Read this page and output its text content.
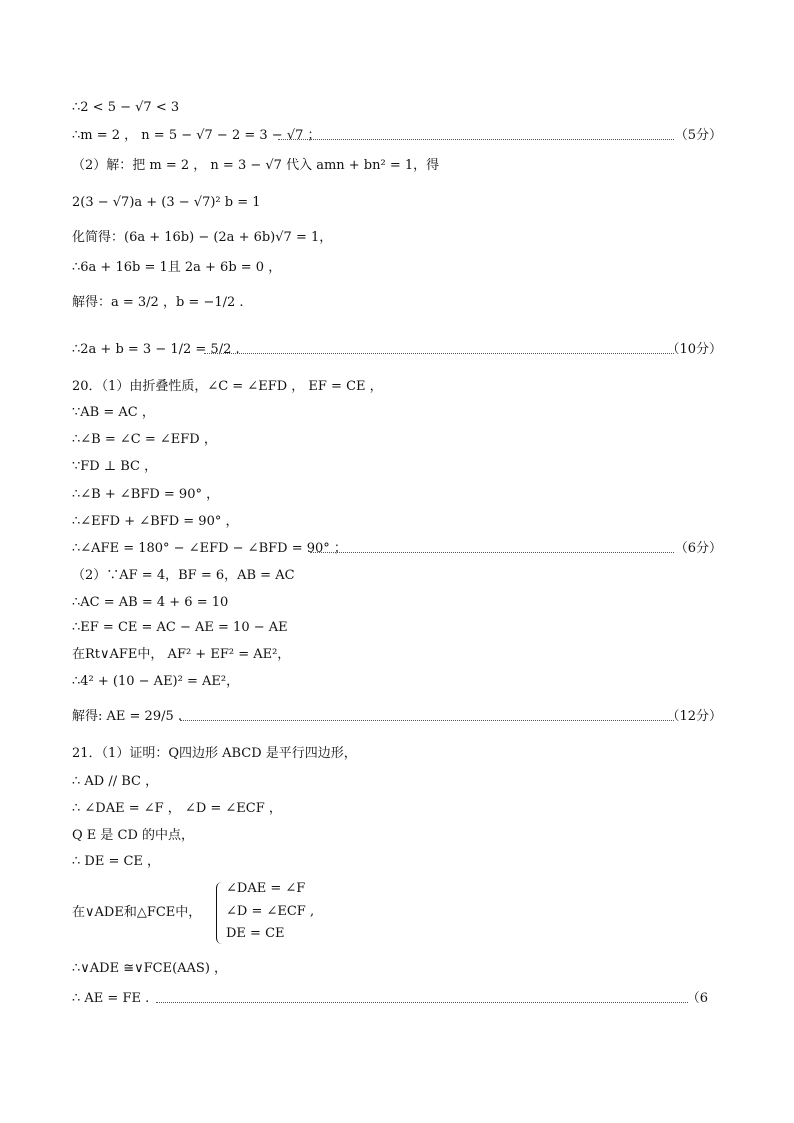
∴2 < 5 − √7 < 3
∴m = 2 ， n = 5 − √7 − 2 = 3 − √7 ；	（5分）
（2）解：把 m = 2 ， n = 3 − √7 代入 amn + bn² = 1，得
2(3 − √7)a + (3 − √7)² b = 1
化简得：(6a + 16b) − (2a + 6b)√7 = 1，
∴6a + 16b = 1且 2a + 6b = 0 ，
解得：a = 3/2 ，b = −1/2 .
∴2a + b = 3 − 1/2 = 5/2 .	（10分）
20．（1）由折叠性质，∠C = ∠EFD ， EF = CE ，
∵AB = AC ，
∴∠B = ∠C = ∠EFD ，
∵FD ⊥ BC ，
∴∠B + ∠BFD = 90° ，
∴∠EFD + ∠BFD = 90° ，
∴∠AFE = 180° − ∠EFD − ∠BFD = 90° ；	（6分）
（2）∵AF = 4，BF = 6，AB = AC
∴AC = AB = 4 + 6 = 10
∴EF = CE = AC − AE = 10 − AE
在Rt∨AFE中， AF² + EF² = AE²，
∴4² + (10 − AE)² = AE²，
解得: AE = 29/5 .	（12分）
21．（1）证明：Q四边形 ABCD 是平行四边形，
∴ AD // BC ，
∴ ∠DAE = ∠F ， ∠D = ∠ECF ，
Q E 是 CD 的中点，
∴ DE = CE ，
在∨ADE和△FCE中，
∠DAE = ∠F
∠D = ∠ECF ,
DE = CE
∴∨ADE ≅∨FCE(AAS) ，
∴ AE = FE .	（6
